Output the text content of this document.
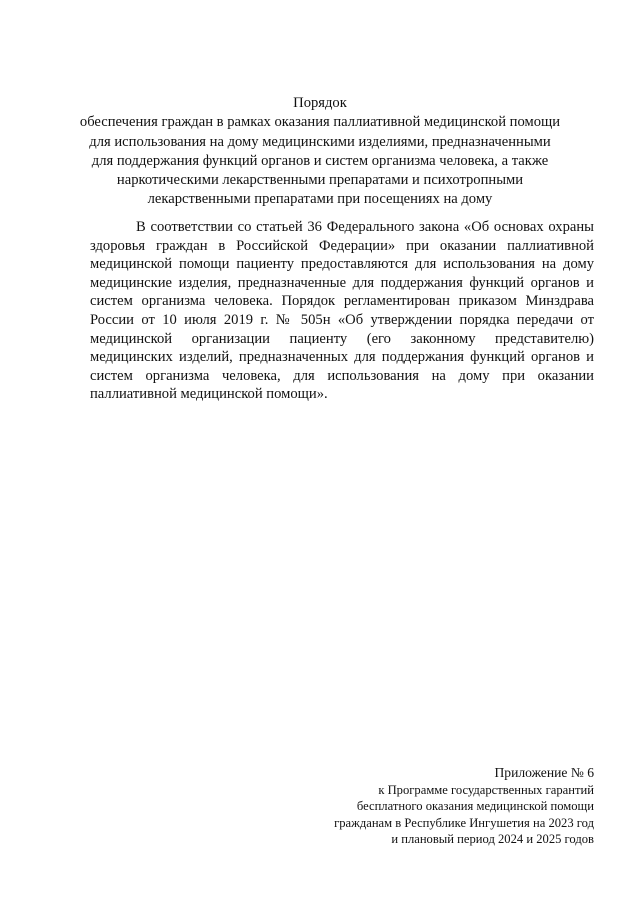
Порядок
обеспечения граждан в рамках оказания паллиативной медицинской помощи
для использования на дому медицинскими изделиями, предназначенными
для поддержания функций органов и систем организма человека, а также
наркотическими лекарственными препаратами и психотропными
лекарственными препаратами при посещениях на дому

В соответствии со статьей 36 Федерального закона «Об основах охраны здоровья граждан в Российской Федерации» при оказании паллиативной медицинской помощи пациенту предоставляются для использования на дому медицинские изделия, предназначенные для поддержания функций органов и систем организма человека. Порядок регламентирован приказом Минздрава России от 10 июля 2019 г. № 505н «Об утверждении порядка передачи от медицинской организации пациенту (его законному представителю) медицинских изделий, предназначенных для поддержания функций органов и систем организма человека, для использования на дому при оказании паллиативной медицинской помощи».

Приложение № 6
к Программе государственных гарантий
бесплатного оказания медицинской помощи
гражданам в Республике Ингушетия на 2023 год
и плановый период 2024 и 2025 годов
